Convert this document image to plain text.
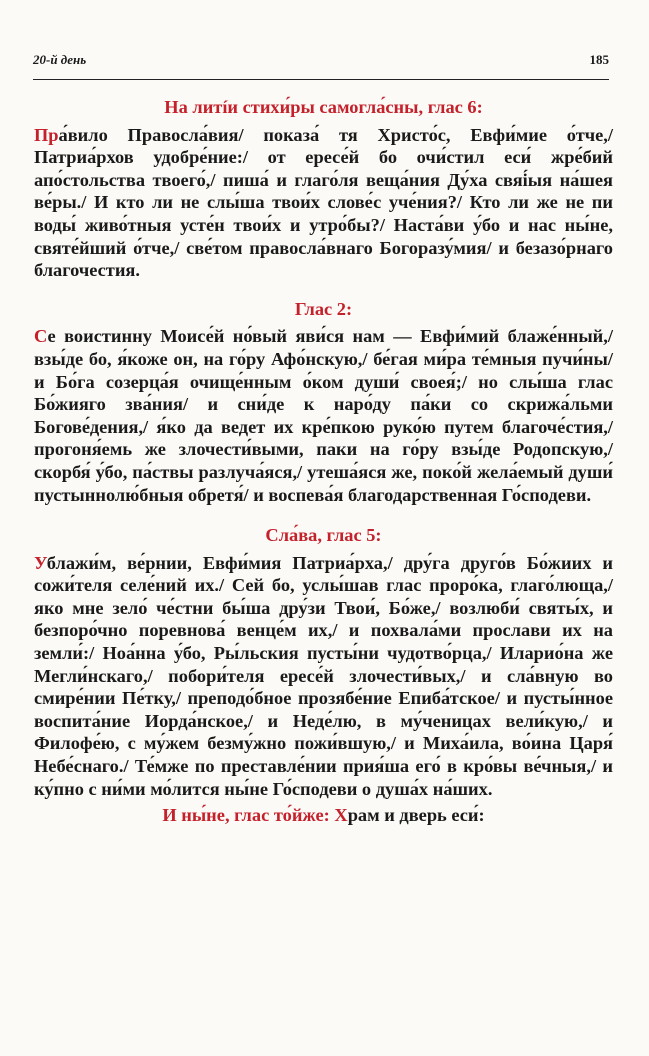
20-й день	185

На литíи стихи́ры самогла́сны, глас 6:

Пра́вило Правосла́вия/ показа́ тя Христо́с, Евфи́мие о́тче,/ Патриа́рхов удобре́ние:/ от ересе́й бо очи́стил еси́ жре́бий апо́стольства твоего́,/ пиша́ и глаго́ля веща́ния Ду́ха свяі́ыя на́шея ве́ры./ И кто ли не слы́ша твои́х слове́с уче́ния?/ Кто ли же не пи воды́ живо́тныя усте́н твои́х и утро́бы?/ Наста́ви у́бо и нас ны́не, святе́йший о́тче,/ све́том правосла́внаго Богоразу́мия/ и безазо́рнаго благочестия.

Глас 2:

Се воистинну Моисе́й но́вый яви́ся нам — Евфи́мий блаже́нный,/ взы́де бо, я́коже он, на го́ру Афо́нскую,/ бе́гая ми́ра те́мныя пучи́ны/ и Бо́га созерца́я очище́нным о́ком души́ своея́;/ но слы́ша глас Бо́жияго зва́ния/ и сни́де к наро́ду па́ки со скрижа́льми Богове́дения,/ я́ко да ведет их кре́пкою руко́ю путем благоче́стия,/ прогоня́емь же злочести́выми, паки на го́ру взы́де Родопскую,/ скорбя́ у́бо, па́ствы разлуча́яся,/ утеша́яся же, поко́й жела́емый души́ пустыннолю́бныя обретя́/ и воспева́я благодарственная Го́сподеви.

Сла́ва, глас 5:

Ублажи́м, ве́рнии, Евфи́мия Патриа́рха,/ дру́га друго́в Бо́жиих и сожи́теля селе́ний их./ Сей бо, услы́шав глас проро́ка, глаго́люща,/ яко мне зело́ че́стни бы́ша дру́зи Твои́, Бо́же,/ возлюби́ святы́х, и безпоро́чно поревнова́ венце́м их,/ и похвала́ми прослави их на земли́:/ Ноа́нна у́бо, Ры́льския пусты́ни чудотво́рца,/ Иларио́на же Мегли́нскаго,/ побори́теля ересе́й злочести́вых,/ и сла́вную во смире́нии Пе́тку,/ преподо́бное прозябе́ние Епиба́тское/ и пусты́нное воспита́ние Иорда́нское,/ и Неде́лю, в му́ченицах вели́кую,/ и Филофе́ю, с му́жем безму́жно пожи́вшую,/ и Миха́ила, во́ина Царя́ Небе́снаго./ Те́мже по преставле́нии прия́ша его́ в кро́вы ве́чныя,/ и ку́пно с ни́ми мо́лится ны́не Го́сподеви о душа́х на́ших.

И ны́не, глас то́йже: Храм и дверь еси́:
